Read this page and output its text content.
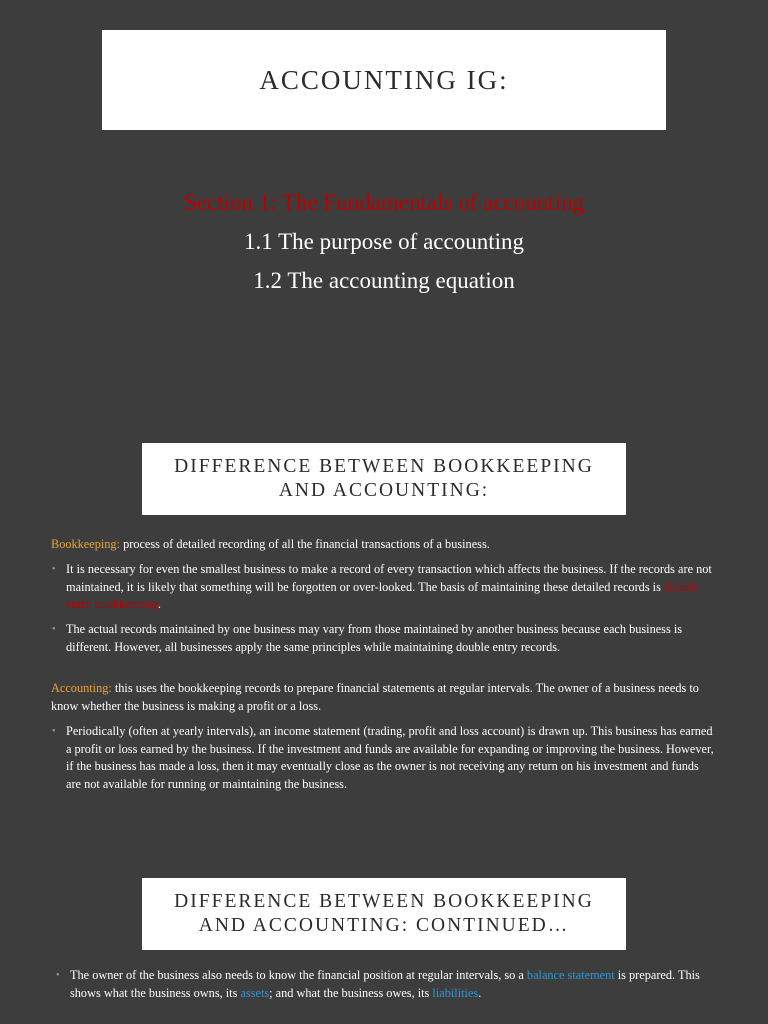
ACCOUNTING IG:
Section 1: The Fundamentals of accounting
1.1 The purpose of accounting
1.2 The accounting equation
DIFFERENCE BETWEEN BOOKKEEPING AND ACCOUNTING:
Bookkeeping: process of detailed recording of all the financial transactions of a business.
• It is necessary for even the smallest business to make a record of every transaction which affects the business. If the records are not maintained, it is likely that something will be forgotten or over-looked. The basis of maintaining these detailed records is double entry bookkeeping.
• The actual records maintained by one business may vary from those maintained by another business because each business is different. However, all businesses apply the same principles while maintaining double entry records.
Accounting: this uses the bookkeeping records to prepare financial statements at regular intervals. The owner of a business needs to know whether the business is making a profit or a loss.
• Periodically (often at yearly intervals), an income statement (trading, profit and loss account) is drawn up. This business has earned a profit or loss earned by the business. If the investment and funds are available for expanding or improving the business. However, if the business has made a loss, then it may eventually close as the owner is not receiving any return on his investment and funds are not available for running or maintaining the business.
DIFFERENCE BETWEEN BOOKKEEPING AND ACCOUNTING: CONTINUED…
• The owner of the business also needs to know the financial position at regular intervals, so a balance statement is prepared. This shows what the business owns, its assets; and what the business owes, its liabilities.
